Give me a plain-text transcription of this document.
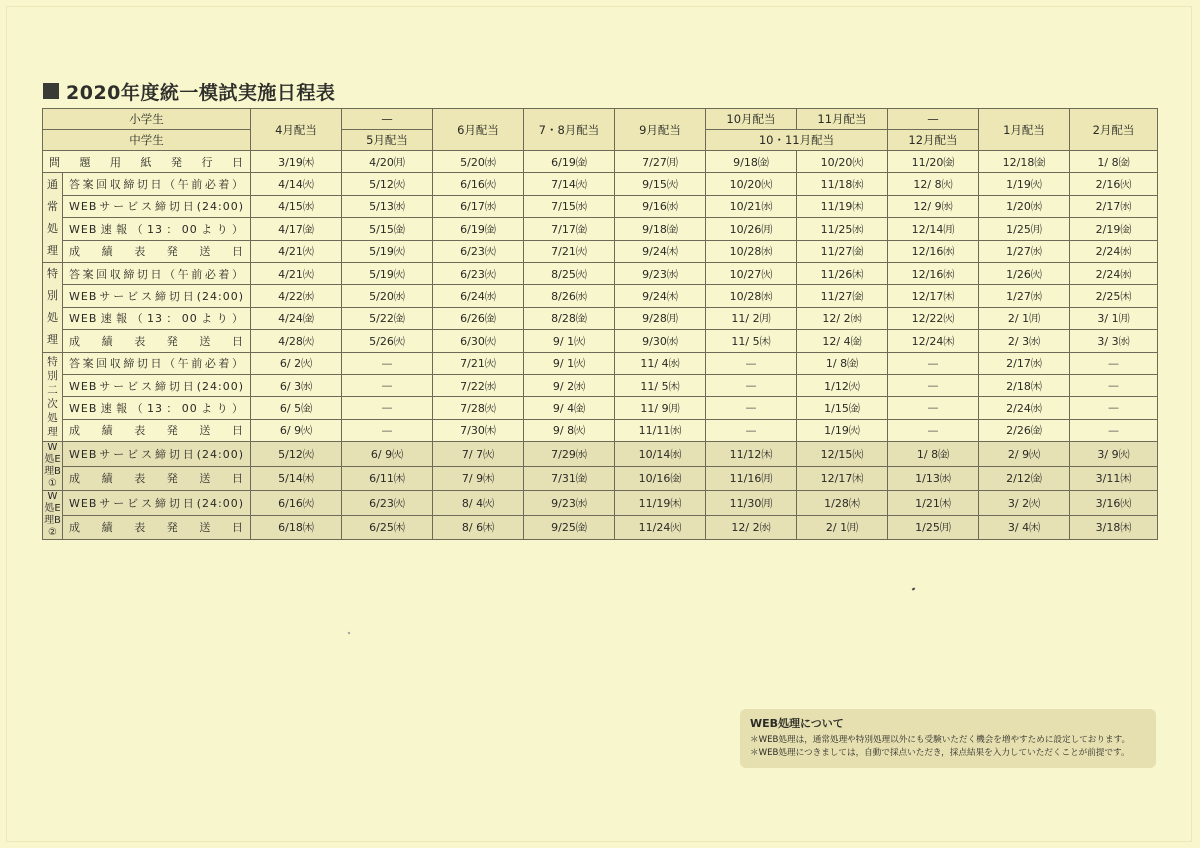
2020年度統一模試実施日程表
小学生		4月配当	—	6月配当	7・8月配当	9月配当	10月配当	11月配当	—	1月配当	2月配当
中学生			5月配当				10・11月配当		12月配当		
問題用紙発行日		3/19㈭	4/20㈪	5/20㈬	6/19㈮	7/27㈪	9/18㈮	10/20㈫	11/20㈮	12/18㈮	1/ 8㈮

通
常
処
理	答案回収締切日（午前必着）	4/14㈫	5/12㈫	6/16㈫	7/14㈫	9/15㈫	10/20㈫	11/18㈬	12/ 8㈫	1/19㈫	2/16㈫
	WEBサービス締切日(24:00)	4/15㈬	5/13㈬	6/17㈬	7/15㈬	9/16㈬	10/21㈬	11/19㈭	12/ 9㈬	1/20㈬	2/17㈬
	WEB速報（13：00より）	4/17㈮	5/15㈮	6/19㈮	7/17㈮	9/18㈮	10/26㈪	11/25㈬	12/14㈪	1/25㈪	2/19㈮
	成績表発送日	4/21㈫	5/19㈫	6/23㈫	7/21㈫	9/24㈭	10/28㈬	11/27㈮	12/16㈬	1/27㈬	2/24㈬

特
別
処
理	答案回収締切日（午前必着）	4/21㈫	5/19㈫	6/23㈫	8/25㈫	9/23㈬	10/27㈫	11/26㈭	12/16㈬	1/26㈫	2/24㈬
	WEBサービス締切日(24:00)	4/22㈬	5/20㈬	6/24㈬	8/26㈬	9/24㈭	10/28㈬	11/27㈮	12/17㈭	1/27㈬	2/25㈭
	WEB速報（13：00より）	4/24㈮	5/22㈮	6/26㈮	8/28㈮	9/28㈪	11/ 2㈪	12/ 2㈬	12/22㈫	2/ 1㈪	3/ 1㈪
	成績表発送日	4/28㈫	5/26㈫	6/30㈫	9/ 1㈫	9/30㈬	11/ 5㈭	12/ 4㈮	12/24㈭	2/ 3㈬	3/ 3㈬
特別二次処理	答案回収締切日（午前必着）	6/ 2㈫	—	7/21㈫	9/ 1㈫	11/ 4㈬	—	1/ 8㈮	—	2/17㈬	—
	WEBサービス締切日(24:00)	6/ 3㈬	—	7/22㈬	9/ 2㈬	11/ 5㈭	—	1/12㈫	—	2/18㈭	—
	WEB速報（13：00より）	6/ 5㈮	—	7/28㈫	9/ 4㈮	11/ 9㈪	—	1/15㈮	—	2/24㈬	—
	成績表発送日	6/ 9㈫	—	7/30㈭	9/ 8㈫	11/11㈬	—	1/19㈫	—	2/26㈮	—
W処E理B①	WEBサービス締切日(24:00)	5/12㈫	6/ 9㈫	7/ 7㈫	7/29㈬	10/14㈬	11/12㈭	12/15㈫	1/ 8㈮	2/ 9㈫	3/ 9㈫
	成績表発送日	5/14㈭	6/11㈭	7/ 9㈭	7/31㈮	10/16㈮	11/16㈪	12/17㈭	1/13㈬	2/12㈮	3/11㈭
W処E理B②	WEBサービス締切日(24:00)	6/16㈫	6/23㈫	8/ 4㈫	9/23㈬	11/19㈭	11/30㈪	1/28㈭	1/21㈭	3/ 2㈫	3/16㈫
	成績表発送日	6/18㈭	6/25㈭	8/ 6㈭	9/25㈮	11/24㈫	12/ 2㈬	2/ 1㈪	1/25㈪	3/ 4㈭	3/18㈭
WEB処理について
＊WEB処理は，通常処理や特別処理以外にも受験いただく機会を増やすために設定しております。
＊WEB処理につきましては，自動で採点いただき，採点結果を入力していただくことが前提です。
